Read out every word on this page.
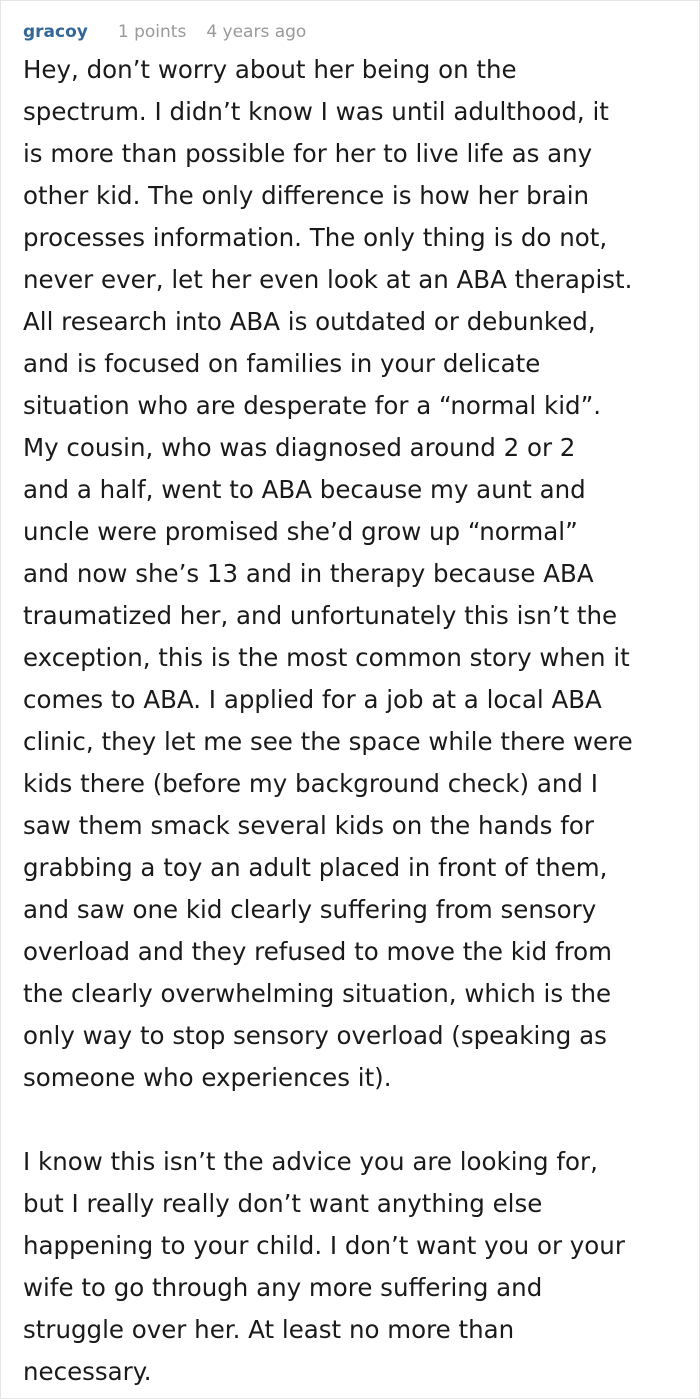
gracoy 1 points 4 years ago

Hey, don’t worry about her being on the
spectrum. I didn’t know I was until adulthood, it
is more than possible for her to live life as any
other kid. The only difference is how her brain
processes information. The only thing is do not,
never ever, let her even look at an ABA therapist.
All research into ABA is outdated or debunked,
and is focused on families in your delicate
situation who are desperate for a “normal kid”.
My cousin, who was diagnosed around 2 or 2
and a half, went to ABA because my aunt and
uncle were promised she’d grow up “normal”
and now she’s 13 and in therapy because ABA
traumatized her, and unfortunately this isn’t the
exception, this is the most common story when it
comes to ABA. I applied for a job at a local ABA
clinic, they let me see the space while there were
kids there (before my background check) and I
saw them smack several kids on the hands for
grabbing a toy an adult placed in front of them,
and saw one kid clearly suffering from sensory
overload and they refused to move the kid from
the clearly overwhelming situation, which is the
only way to stop sensory overload (speaking as
someone who experiences it).

I know this isn’t the advice you are looking for,
but I really really don’t want anything else
happening to your child. I don’t want you or your
wife to go through any more suffering and
struggle over her. At least no more than
necessary.
